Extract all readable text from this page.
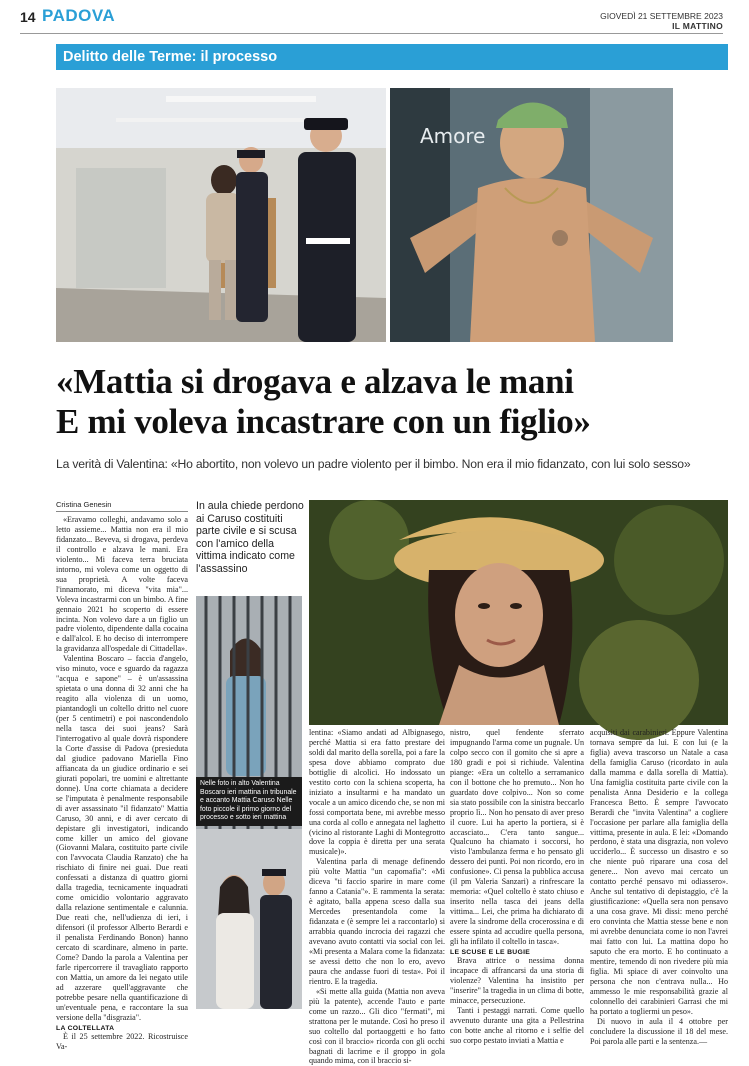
14 PADOVA	GIOVEDÌ 21 SETTEMBRE 2023
IL MATTINO
Delitto delle Terme: il processo
Amore
«Mattia si drogava e alzava le mani
E mi voleva incastrare con un figlio»
La verità di Valentina: «Ho abortito, non volevo un padre violento per il bimbo. Non era il mio fidanzato, con lui solo sesso»
Cristina Genesin

«Eravamo colleghi, andavamo solo a letto assieme... Mattia non era il mio fidanzato... Beveva, si drogava, perdeva il controllo e alzava le mani. Era violento... Mi faceva terra bruciata intorno, mi voleva come un oggetto di sua proprietà. A volte faceva l'innamorato, mi diceva "vita mia"... Voleva incastrarmi con un bimbo. A fine gennaio 2021 ho scoperto di essere incinta. Non volevo dare a un figlio un padre violento, dipendente dalla cocaina e dall'alcol. E ho deciso di interrompere la gravidanza all'ospedale di Cittadella».

Valentina Boscaro – faccia d'angelo, viso minuto, voce e sguardo da ragazza "acqua e sapone" – è un'assassina spietata o una donna di 32 anni che ha reagito alla violenza di un uomo, piantandogli un coltello dritto nel cuore (per 5 centimetri) e poi nascondendolo nella tasca dei suoi jeans? Sarà l'interrogativo al quale dovrà rispondere la Corte d'assise di Padova (presieduta dal giudice padovano Mariella Fino affiancata da un giudice ordinario e sei giurati popolari, tre uomini e altrettante donne). Una corte chiamata a decidere se l'imputata è penalmente responsabile di aver assassinato "il fidanzato" Mattia Caruso, 30 anni, e di aver cercato di depistare gli investigatori, indicando come killer un amico del giovane (Giovanni Malara, costituito parte civile con l'avvocata Claudia Ranzato) che ha rischiato di finire nei guai. Due reati confessati a distanza di quattro giorni dalla tragedia, tecnicamente inquadrati come omicidio volontario aggravato dalla relazione sentimentale e calunnia. Due reati che, nell'udienza di ieri, i difensori (il professor Alberto Berardi e il penalista Ferdinando Bonon) hanno cercato di scardinare, almeno in parte. Come? Dando la parola a Valentina per farle ripercorrere il travagliato rapporto con Mattia, un amore da lei negato utile ad azzerare quell'aggravante che potrebbe pesare nella quantificazione di un'eventuale pena, e raccontare la sua versione della "disgrazia".

LA COLTELLATA

È il 25 settembre 2022. Ricostruisce Va-

In aula chiede perdono ai Caruso costituiti parte civile e si scusa con l'amico della vittima indicato come l'assassino
Nelle foto in alto Valentina Boscaro ieri mattina in tribunale e accanto Mattia Caruso Nelle foto piccole il primo giorno del processo e sotto ieri mattina

lentina: «Siamo andati ad Albignasego, perché Mattia si era fatto prestare dei soldi dal marito della sorella, poi a fare la spesa dove abbiamo comprato due bottiglie di alcolici. Ho indossato un vestito corto con la schiena scoperta, ha iniziato a insultarmi e ha mandato un vocale a un amico dicendo che, se non mi fossi comportata bene, mi avrebbe messo una corda al collo e annegata nel laghetto (vicino al ristorante Laghi di Montegrotto dove la coppia è diretta per una serata musicale)».

Valentina parla di menage definendo più volte Mattia "un capomafia": «Mi diceva "ti faccio sparire in mare come fanno a Catania"». E rammenta la serata: è agitato, balla appena sceso dalla sua Mercedes presentandola come la fidanzata e (è sempre lei a raccontarlo) si arrabbia quando incrocia dei ragazzi che avevano avuto contatti via social con lei. «Mi presenta a Malara come la fidanzata: se avessi detto che non lo ero, avevo paura che andasse fuori di testa». Poi il rientro. E la tragedia.

«Si mette alla guida (Mattia non aveva più la patente), accende l'auto e parte come un razzo... Gli dico "fermati", mi strattona per le mutande. Così ho preso il suo coltello dal portaoggetti e ho fatto così con il braccio» ricorda con gli occhi bagnati di lacrime e il groppo in gola quando mima, con il braccio si-

nistro, quel fendente sferrato impugnando l'arma come un pugnale. Un colpo secco con il gomito che si apre a 180 gradi e poi si richiude. Valentina piange: «Era un coltello a serramanico con il bottone che ho premuto... Non ho guardato dove colpivo... Non so come sia stato possibile con la sinistra beccarlo proprio lì... Non ho pensato di aver preso il cuore. Lui ha aperto la portiera, si è accasciato... C'era tanto sangue... Qualcuno ha chiamato i soccorsi, ho visto l'ambulanza ferma e ho pensato gli dessero dei punti. Poi non ricordo, ero in confusione». Ci pensa la pubblica accusa (il pm Valeria Sanzari) a rinfrescare la memoria: «Quel coltello è stato chiuso e inserito nella tasca dei jeans della vittima... Lei, che prima ha dichiarato di avere la sindrome della crocerossina e di essere spinta ad accudire quella persona, gli ha infilato il coltello in tasca».

LE SCUSE E LE BUGIE

Brava attrice o nessima donna incapace di affrancarsi da una storia di violenze? Valentina ha insistito per "inserire" la tragedia in un clima di botte, minacce, persecuzione.

Tanti i pestaggi narrati. Come quello avvenuto durante una gita a Pellestrina con botte anche al ritorno e i selfie del suo corpo pestato inviati a Mattia e

acquisiti dai carabinieri. Eppure Valentina tornava sempre da lui. E con lui (e la figlia) aveva trascorso un Natale a casa della famiglia Caruso (ricordato in aula dalla mamma e dalla sorella di Mattia). Una famiglia costituita parte civile con la penalista Anna Desiderio e la collega Francesca Betto. È sempre l'avvocato Berardi che "invita Valentina" a cogliere l'occasione per parlare alla famiglia della vittima, presente in aula. E lei: «Domando perdono, è stata una disgrazia, non volevo ucciderlo... È successo un disastro e so che niente può riparare una cosa del genere... Non avevo mai cercato un contatto perché pensavo mi odiassero». Anche sul tentativo di depistaggio, c'è la giustificazione: «Quella sera non pensavo a una cosa grave. Mi dissi: meno perché ero convinta che Mattia stesse bene e non mi avrebbe denunciata come io non l'avrei mai fatto con lui. La mattina dopo ho saputo che era morto. E ho continuato a mentire, temendo di non rivedere più mia figlia. Mi spiace di aver coinvolto una persona che non c'entrava nulla... Ho ammesso le mie responsabilità grazie al colonnello dei carabinieri Garrasi che mi ha portato a togliermi un peso».

Di nuovo in aula il 4 ottobre per concludere la discussione il 18 del mese. Poi parola alle parti e la sentenza.—
